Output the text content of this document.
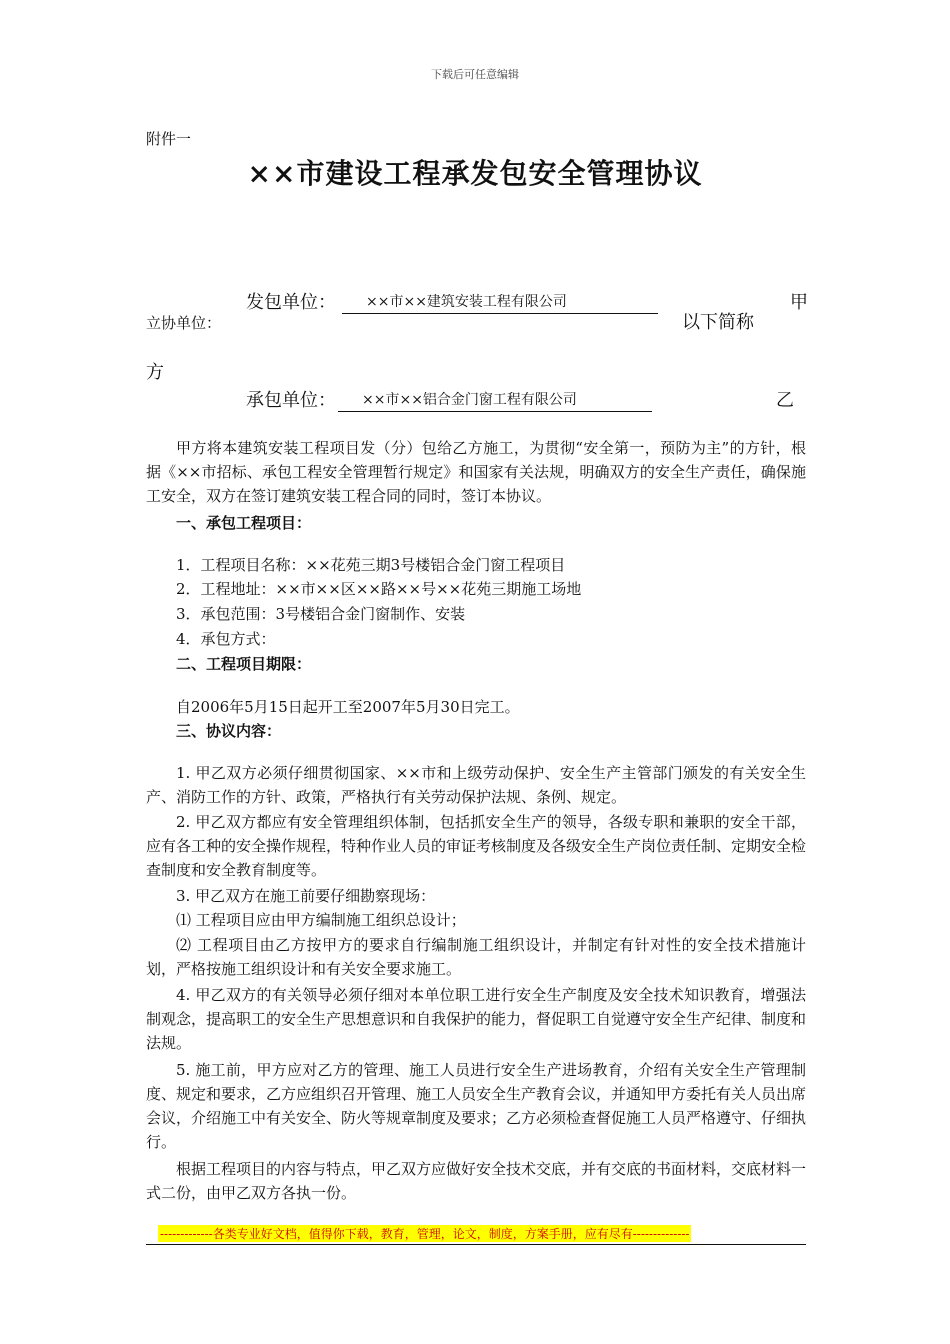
下载后可任意编辑
附件一
××市建设工程承发包安全管理协议
发包单位：	××市××建筑安装工程有限公司	甲
立协单位：	以下简称
方
承包单位：	××市××铝合金门窗工程有限公司	乙
甲方将本建筑安装工程项目发（分）包给乙方施工，为贯彻“安全第一，预防为主”的方针，根据《××市招标、承包工程安全管理暂行规定》和国家有关法规，明确双方的安全生产责任，确保施工安全，双方在签订建筑安装工程合同的同时，签订本协议。
一、承包工程项目：
1．工程项目名称：××花苑三期3号楼铝合金门窗工程项目
2．工程地址：××市××区××路××号××花苑三期施工场地
3．承包范围：3号楼铝合金门窗制作、安装
4．承包方式：
二、工程项目期限：
自2006年5月15日起开工至2007年5月30日完工。
三、协议内容：
1. 甲乙双方必须仔细贯彻国家、××市和上级劳动保护、安全生产主管部门颁发的有关安全生产、消防工作的方针、政策，严格执行有关劳动保护法规、条例、规定。
2. 甲乙双方都应有安全管理组织体制，包括抓安全生产的领导，各级专职和兼职的安全干部，应有各工种的安全操作规程，特种作业人员的审证考核制度及各级安全生产岗位责任制、定期安全检查制度和安全教育制度等。
3. 甲乙双方在施工前要仔细勘察现场：
⑴ 工程项目应由甲方编制施工组织总设计；
⑵ 工程项目由乙方按甲方的要求自行编制施工组织设计，并制定有针对性的安全技术措施计划，严格按施工组织设计和有关安全要求施工。
4. 甲乙双方的有关领导必须仔细对本单位职工进行安全生产制度及安全技术知识教育，增强法制观念，提高职工的安全生产思想意识和自我保护的能力，督促职工自觉遵守安全生产纪律、制度和法规。
5. 施工前，甲方应对乙方的管理、施工人员进行安全生产进场教育，介绍有关安全生产管理制度、规定和要求，乙方应组织召开管理、施工人员安全生产教育会议，并通知甲方委托有关人员出席会议，介绍施工中有关安全、防火等规章制度及要求；乙方必须检查督促施工人员严格遵守、仔细执行。
根据工程项目的内容与特点，甲乙双方应做好安全技术交底，并有交底的书面材料，交底材料一式二份，由甲乙双方各执一份。
-------------各类专业好文档，值得你下载，教育，管理，论文，制度，方案手册，应有尽有--------------
